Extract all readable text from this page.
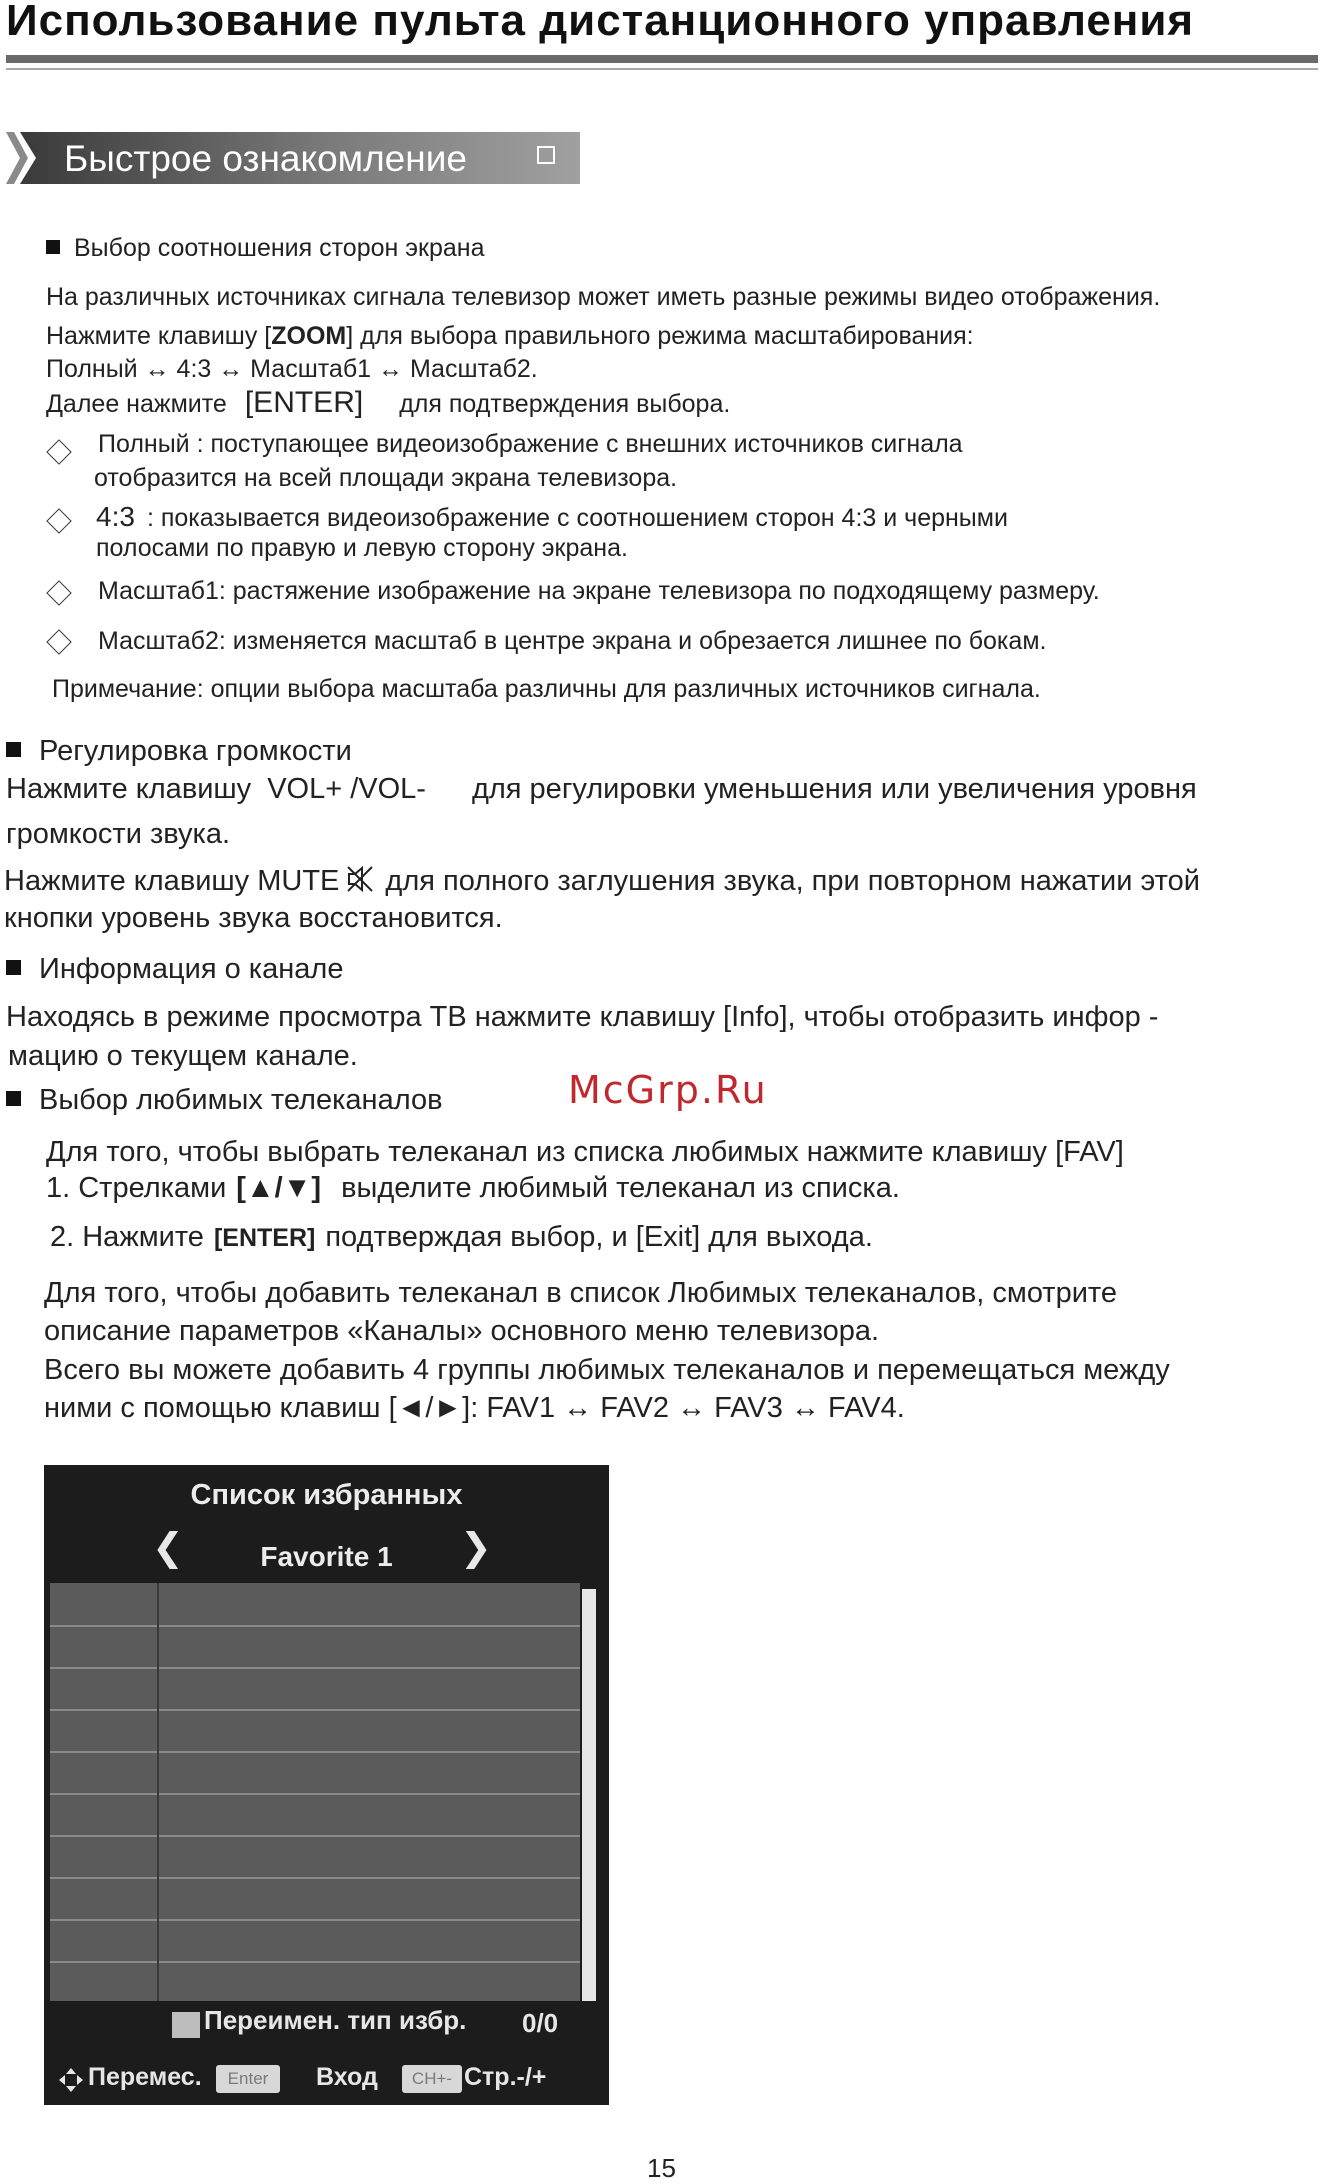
Использование пульта дистанционного управления
Быстрое ознакомление
Выбор соотношения сторон экрана
На различных источниках сигнала телевизор может иметь разные режимы видео отображения.
Нажмите клавишу [ZOOM] для выбора правильного режима масштабирования:
Полный ↔ 4:3 ↔ Масштаб1 ↔ Масштаб2.
Далее нажмите [ENTER] для подтверждения выбора.
Полный : поступающее видеоизображение с внешних источников сигнала
отобразится на всей площади экрана телевизора.
4:3 : показывается видеоизображение с соотношением сторон 4:3 и черными
полосами по правую и левую сторону экрана.
Масштаб1: растяжение изображение на экране телевизора по подходящему размеру.
Масштаб2: изменяется масштаб в центре экрана и обрезается лишнее по бокам.
Примечание: опции выбора масштаба различны для различных источников сигнала.
Регулировка громкости
Нажмите клавишу VOL+ /VOL- для регулировки уменьшения или увеличения уровня
громкости звука.
Нажмите клавишу MUTE для полного заглушения звука, при повторном нажатии этой
кнопки уровень звука восстановится.
Информация о канале
Находясь в режиме просмотра ТВ нажмите клавишу [Info], чтобы отобразить инфор -
мацию о текущем канале.
Выбор любимых телеканалов	McGrp.Ru
Для того, чтобы выбрать телеканал из списка любимых нажмите клавишу [FAV]
1. Стрелками [▲/▼] выделите любимый телеканал из списка.
2. Нажмите [ENTER] подтверждая выбор, и [Exit] для выхода.
Для того, чтобы добавить телеканал в список Любимых телеканалов, смотрите
описание параметров «Каналы» основного меню телевизора.
Всего вы можете добавить 4 группы любимых телеканалов и перемещаться между
ними с помощью клавиш [◄/►]: FAV1 ↔ FAV2 ↔ FAV3 ↔ FAV4.
Список избранных
❮	Favorite 1	❯
Переимен. тип избр. 0/0
Перемес.	Enter	Вход	CH+- Стр.-/+
15
